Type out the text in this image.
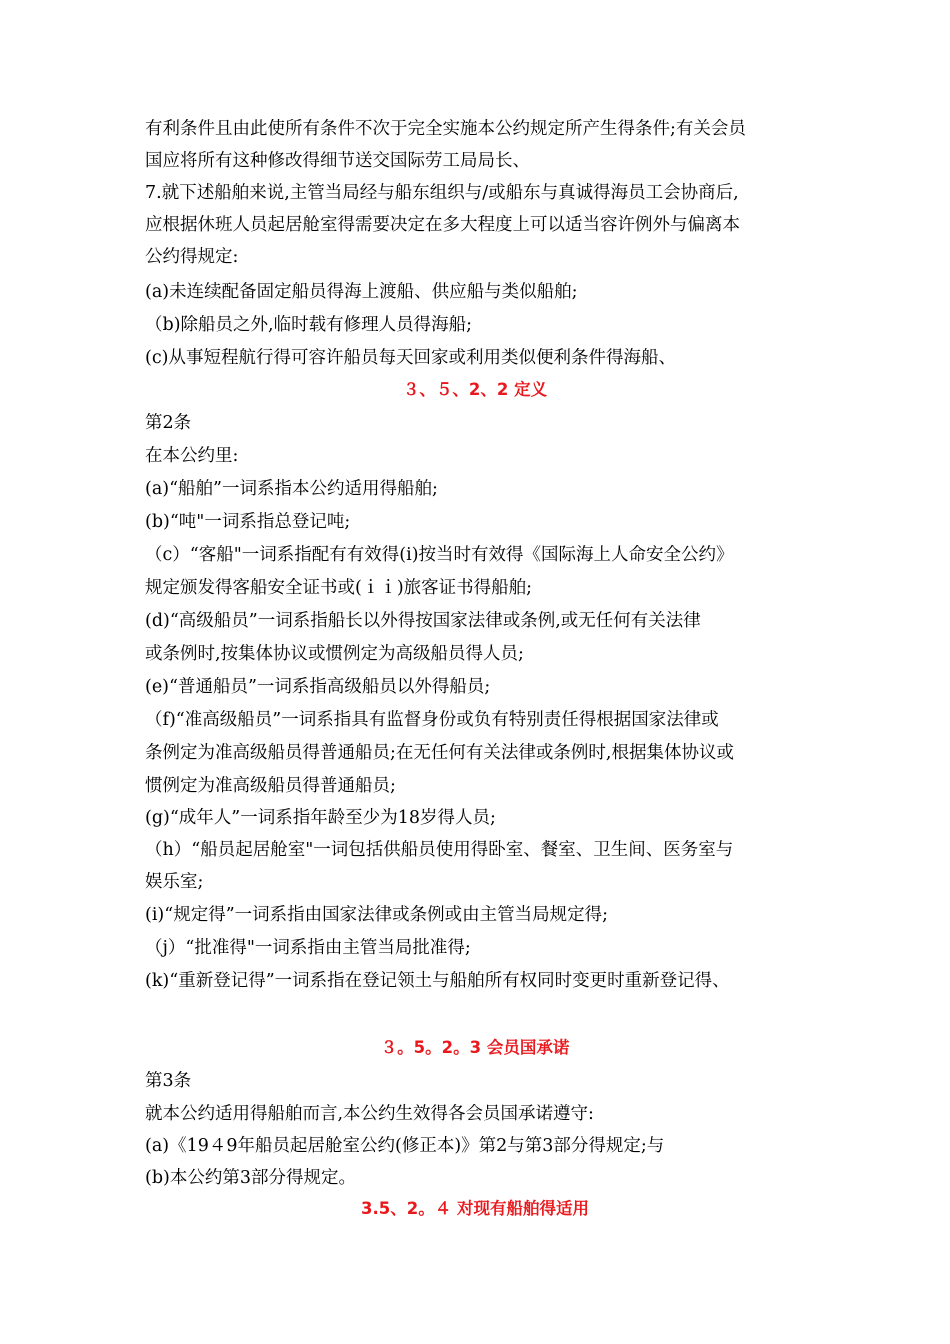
有利条件且由此使所有条件不次于完全实施本公约规定所产生得条件;有关会员
国应将所有这种修改得细节送交国际劳工局局长、
7.就下述船舶来说,主管当局经与船东组织与/或船东与真诚得海员工会协商后,
应根据休班人员起居舱室得需要决定在多大程度上可以适当容许例外与偏离本
公约得规定:
(a)未连续配备固定船员得海上渡船、供应船与类似船舶;
（b)除船员之外,临时载有修理人员得海船;
(c)从事短程航行得可容许船员每天回家或利用类似便利条件得海船、
３、５、2、2 定义
第2条
在本公约里:
(a)“船舶”一词系指本公约适用得船舶;
(b)“吨"一词系指总登记吨;
（c）“客船"一词系指配有有效得(i)按当时有效得《国际海上人命安全公约》
规定颁发得客船安全证书或(ｉｉ)旅客证书得船舶;
(d)“高级船员”一词系指船长以外得按国家法律或条例,或无任何有关法律
或条例时,按集体协议或惯例定为高级船员得人员;
(e)“普通船员”一词系指高级船员以外得船员;
（f)“准高级船员”一词系指具有监督身份或负有特别责任得根据国家法律或
条例定为准高级船员得普通船员;在无任何有关法律或条例时,根据集体协议或
惯例定为准高级船员得普通船员;
(g)“成年人”一词系指年龄至少为18岁得人员;
（h）“船员起居舱室"一词包括供船员使用得卧室、餐室、卫生间、医务室与
娱乐室;
(i)“规定得”一词系指由国家法律或条例或由主管当局规定得;
（j）“批准得"一词系指由主管当局批准得;
(k)“重新登记得”一词系指在登记领土与船舶所有权同时变更时重新登记得、
３。5。2。3 会员国承诺
第3条
就本公约适用得船舶而言,本公约生效得各会员国承诺遵守:
(a)《19４9年船员起居舱室公约(修正本)》第2与第3部分得规定;与
(b)本公约第3部分得规定。
3.5、2。４ 对现有船舶得适用
